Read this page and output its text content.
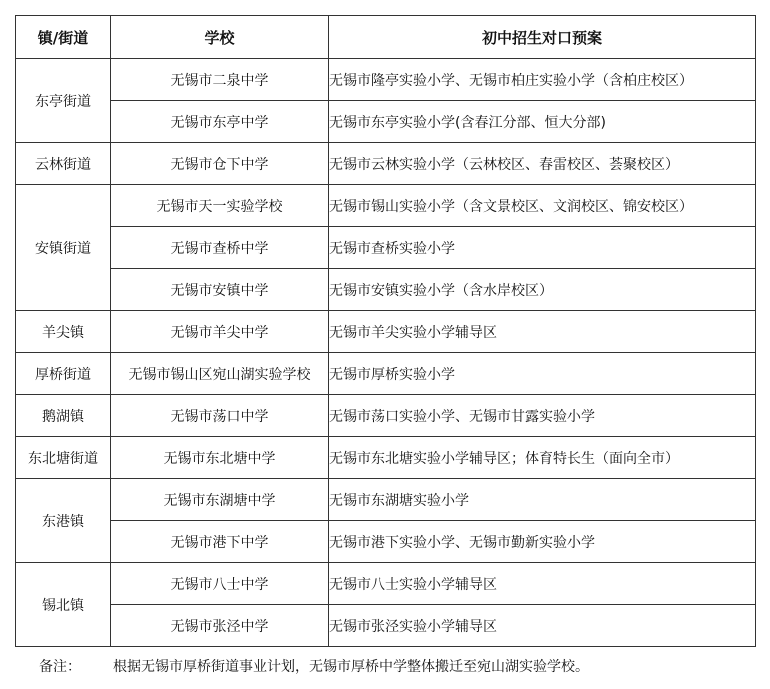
镇/街道	学校	初中招生对口预案
东亭街道	无锡市二泉中学	无锡市隆亭实验小学、无锡市柏庄实验小学（含柏庄校区）
	无锡市东亭中学	无锡市东亭实验小学(含春江分部、恒大分部)
云林街道	无锡市仓下中学	无锡市云林实验小学（云林校区、春雷校区、荟聚校区）
安镇街道	无锡市天一实验学校	无锡市锡山实验小学（含文景校区、文润校区、锦安校区）
	无锡市查桥中学	无锡市查桥实验小学
	无锡市安镇中学	无锡市安镇实验小学（含水岸校区）
羊尖镇	无锡市羊尖中学	无锡市羊尖实验小学辅导区
厚桥街道	无锡市锡山区宛山湖实验学校	无锡市厚桥实验小学
鹅湖镇	无锡市荡口中学	无锡市荡口实验小学、无锡市甘露实验小学
东北塘街道	无锡市东北塘中学	无锡市东北塘实验小学辅导区；体育特长生（面向全市）
东港镇	无锡市东湖塘中学	无锡市东湖塘实验小学
	无锡市港下中学	无锡市港下实验小学、无锡市勤新实验小学
锡北镇	无锡市八士中学	无锡市八士实验小学辅导区
	无锡市张泾中学	无锡市张泾实验小学辅导区
备注： 根据无锡市厚桥街道事业计划，无锡市厚桥中学整体搬迁至宛山湖实验学校。
